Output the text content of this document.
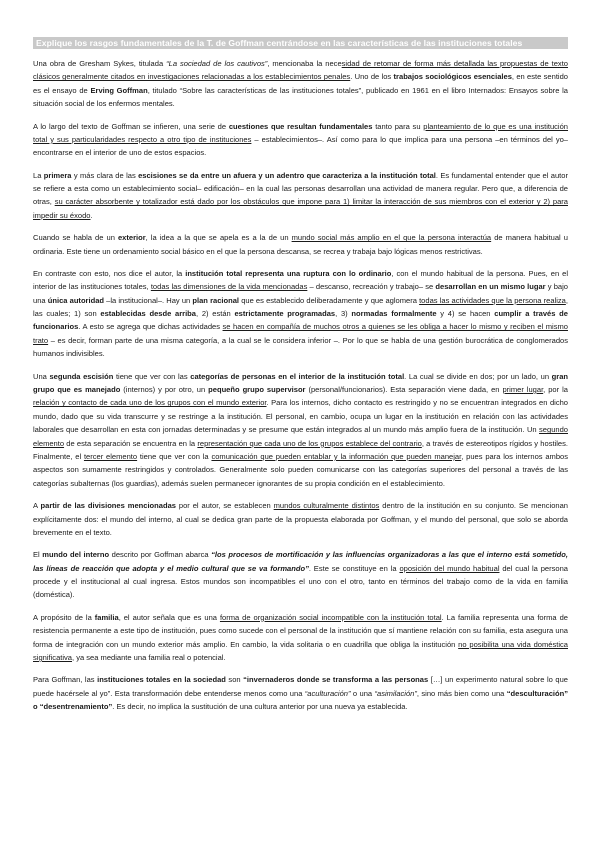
Explique los rasgos fundamentales de la T. de Goffman centrándose en las características de las instituciones totales

Una obra de Gresham Sykes, titulada “La sociedad de los cautivos”, mencionaba la necesidad de retomar de forma más detallada las propuestas de texto clásicos generalmente citados en investigaciones relacionadas a los establecimientos penales. Uno de los trabajos sociológicos esenciales, en este sentido es el ensayo de Erving Goffman, titulado “Sobre las características de las instituciones totales”, publicado en 1961 en el libro Internados: Ensayos sobre la situación social de los enfermos mentales.

A lo largo del texto de Goffman se infieren, una serie de cuestiones que resultan fundamentales tanto para su planteamiento de lo que es una institución total y sus particularidades respecto a otro tipo de instituciones – establecimientos–. Así como para lo que implica para una persona –en términos del yo– encontrarse en el interior de uno de estos espacios.

La primera y más clara de las escisiones se da entre un afuera y un adentro que caracteriza a la institución total. Es fundamental entender que el autor se refiere a esta como un establecimiento social– edificación– en la cual las personas desarrollan una actividad de manera regular. Pero que, a diferencia de otras, su carácter absorbente y totalizador está dado por los obstáculos que impone para 1) limitar la interacción de sus miembros con el exterior y 2) para impedir su éxodo.

Cuando se habla de un exterior, la idea a la que se apela es a la de un mundo social más amplio en el que la persona interactúa de manera habitual u ordinaria. Este tiene un ordenamiento social básico en el que la persona descansa, se recrea y trabaja bajo lógicas menos restrictivas.

En contraste con esto, nos dice el autor, la institución total representa una ruptura con lo ordinario, con el mundo habitual de la persona. Pues, en el interior de las instituciones totales, todas las dimensiones de la vida mencionadas – descanso, recreación y trabajo– se desarrollan en un mismo lugar y bajo una única autoridad –la institucional–. Hay un plan racional que es establecido deliberadamente y que aglomera todas las actividades que la persona realiza, las cuales; 1) son establecidas desde arriba, 2) están estrictamente programadas, 3) normadas formalmente y 4) se hacen cumplir a través de funcionarios. A esto se agrega que dichas actividades se hacen en compañía de muchos otros a quienes se les obliga a hacer lo mismo y reciben el mismo trato – es decir, forman parte de una misma categoría, a la cual se le considera inferior –. Por lo que se habla de una gestión burocrática de conglomerados humanos indivisibles.

Una segunda escisión tiene que ver con las categorías de personas en el interior de la institución total. La cual se divide en dos; por un lado, un gran grupo que es manejado (internos) y por otro, un pequeño grupo supervisor (personal/funcionarios). Esta separación viene dada, en primer lugar, por la relación y contacto de cada uno de los grupos con el mundo exterior. Para los internos, dicho contacto es restringido y no se encuentran integrados en dicho mundo, dado que su vida transcurre y se restringe a la institución. El personal, en cambio, ocupa un lugar en la institución en relación con las actividades laborales que desarrollan en esta con jornadas determinadas y se presume que están integrados al un mundo más amplio fuera de la institución. Un segundo elemento de esta separación se encuentra en la representación que cada uno de los grupos establece del contrario, a través de estereotipos rígidos y hostiles. Finalmente, el tercer elemento tiene que ver con la comunicación que pueden entablar y la información que pueden manejar, pues para los internos ambos aspectos son sumamente restringidos y controlados. Generalmente solo pueden comunicarse con las categorías superiores del personal a través de las categorías subalternas (los guardias), además suelen permanecer ignorantes de su propia condición en el establecimiento.

A partir de las divisiones mencionadas por el autor, se establecen mundos culturalmente distintos dentro de la institución en su conjunto. Se mencionan explícitamente dos: el mundo del interno, al cual se dedica gran parte de la propuesta elaborada por Goffman, y el mundo del personal, que solo se aborda brevemente en el texto.

El mundo del interno descrito por Goffman abarca “los procesos de mortificación y las influencias organizadoras a las que el interno está sometido, las líneas de reacción que adopta y el medio cultural que se va formando”. Este se constituye en la oposición del mundo habitual del cual la persona procede y el institucional al cual ingresa. Estos mundos son incompatibles el uno con el otro, tanto en términos del trabajo como de la vida en familia (doméstica).

A propósito de la familia, el autor señala que es una forma de organización social incompatible con la institución total. La familia representa una forma de resistencia permanente a este tipo de institución, pues como sucede con el personal de la institución que sí mantiene relación con su familia, esta asegura una forma de integración con un mundo exterior más amplio. En cambio, la vida solitaria o en cuadrilla que obliga la institución no posibilita una vida doméstica significativa, ya sea mediante una familia real o potencial.

Para Goffman, las instituciones totales en la sociedad son “invernaderos donde se transforma a las personas […] un experimento natural sobre lo que puede hacérsele al yo”. Esta transformación debe entenderse menos como una “aculturación” o una “asimilación”, sino más bien como una “desculturación” o “desentrenamiento”. Es decir, no implica la sustitución de una cultura anterior por una nueva ya establecida.
